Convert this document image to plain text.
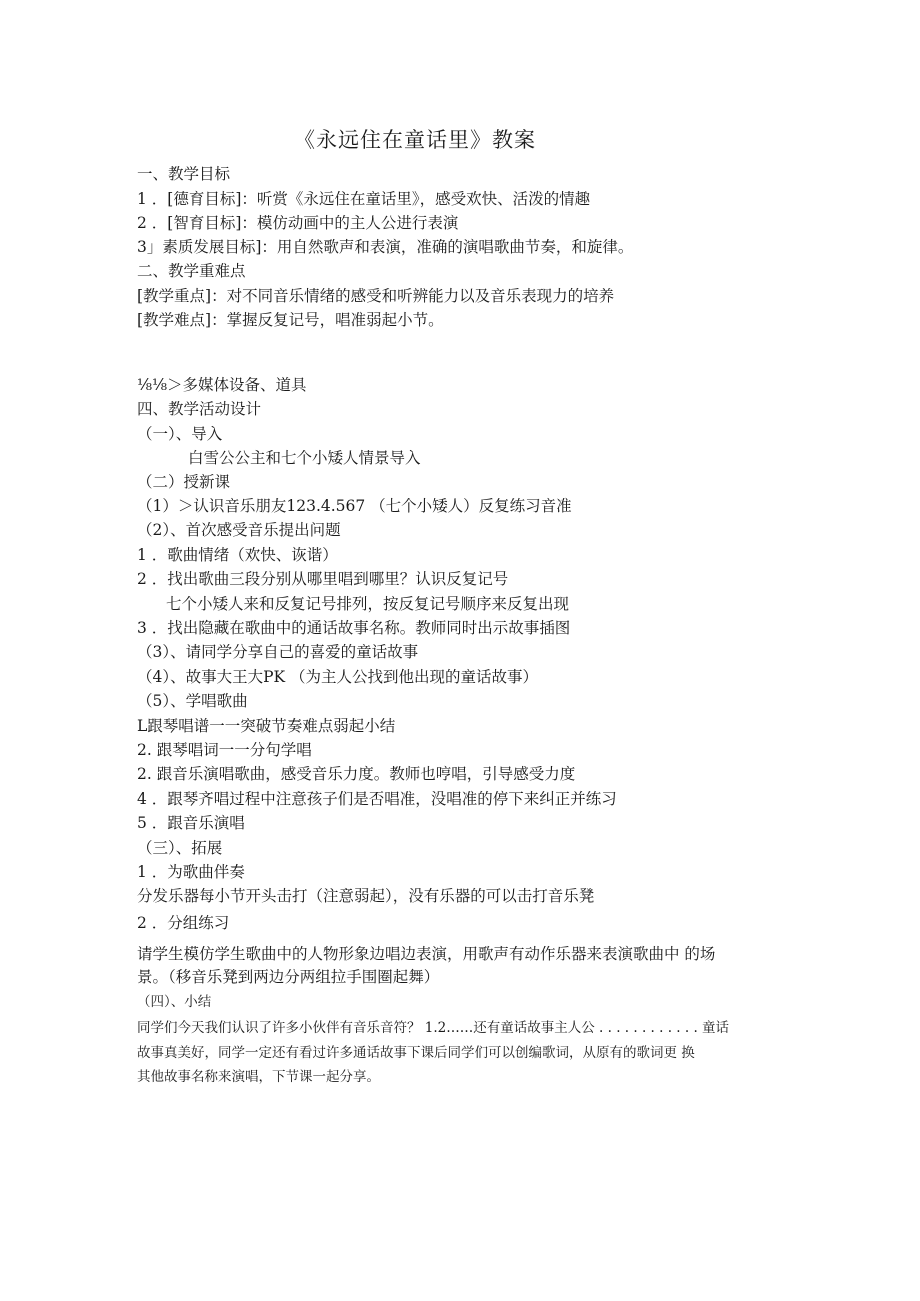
《永远住在童话里》教案
一、教学目标
1 ．[德育目标]：听赏《永远住在童话里》，感受欢快、活泼的情趣
2 ．[智育目标]：模仿动画中的主人公进行表演
3」素质发展目标]：用自然歌声和表演，准确的演唱歌曲节奏，和旋律。
二、教学重难点
[教学重点]：对不同音乐情绪的感受和听辨能力以及音乐表现力的培养
[教学难点]：掌握反复记号，唱准弱起小节。
⅛⅛＞多媒体设备、道具
四、教学活动设计
（一）、导入
白雪公公主和七个小矮人情景导入
（二）授新课
（1）＞认识音乐朋友123.4.567 （七个小矮人）反复练习音准
（2）、首次感受音乐提出问题
1 ．歌曲情绪（欢快、诙谐）
2 ．找出歌曲三段分别从哪里唱到哪里？认识反复记号
七个小矮人来和反复记号排列，按反复记号顺序来反复出现
3 ．找出隐藏在歌曲中的通话故事名称。教师同时出示故事插图
（3）、请同学分享自己的喜爱的童话故事
（4）、故事大王大PK （为主人公找到他出现的童话故事）
（5）、学唱歌曲
L跟琴唱谱一一突破节奏难点弱起小结
2. 跟琴唱词一一分句学唱
2. 跟音乐演唱歌曲，感受音乐力度。教师也哼唱，引导感受力度
4 ．跟琴齐唱过程中注意孩子们是否唱准，没唱准的停下来纠正并练习
5 ．跟音乐演唱
（三）、拓展
1 ．为歌曲伴奏
分发乐器每小节开头击打（注意弱起），没有乐器的可以击打音乐凳
2 ．分组练习
请学生模仿学生歌曲中的人物形象边唱边表演，用歌声有动作乐器来表演歌曲中 的场
景。（移音乐凳到两边分两组拉手围圈起舞）
（四）、小结
同学们今天我们认识了许多小伙伴有音乐音符？ 1.2……还有童话故事主人公 . . . . . . . . . . . . 童话
故事真美好，同学一定还有看过许多通话故事下课后同学们可以创编歌词，从原有的歌词更 换
其他故事名称来演唱，下节课一起分享。
